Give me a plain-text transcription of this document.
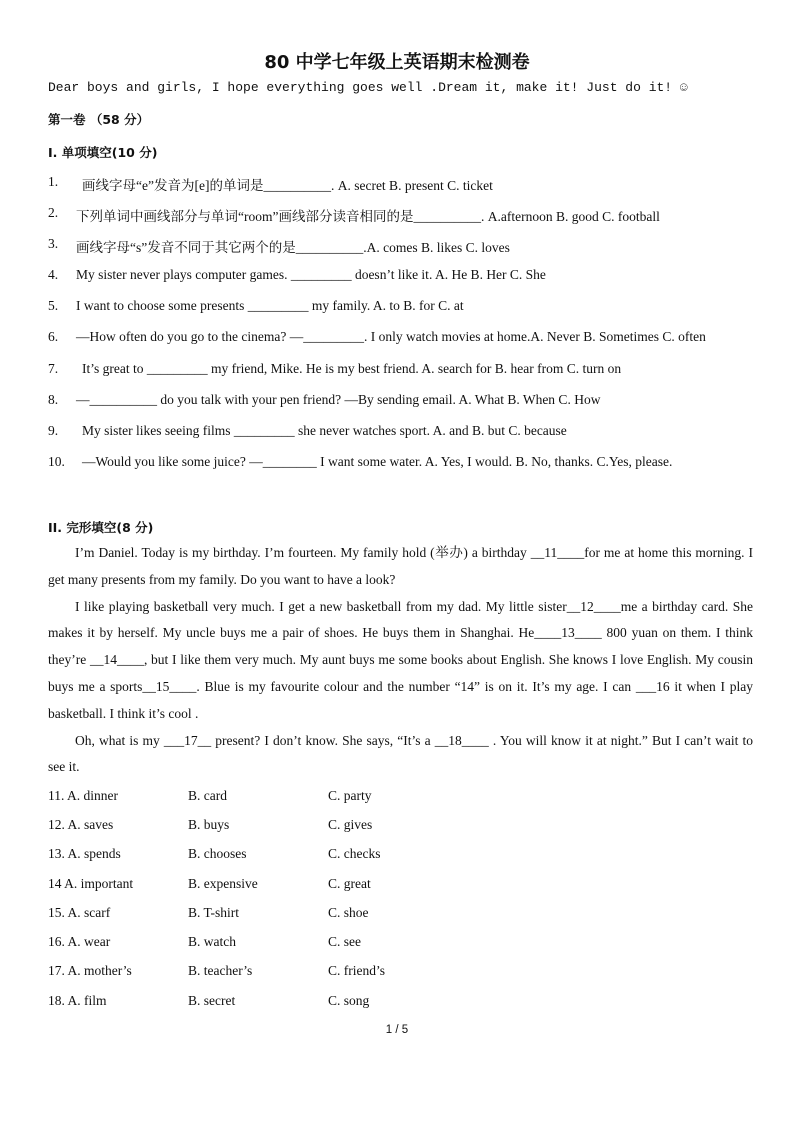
80 中学七年级上英语期末检测卷
Dear boys and girls, I hope everything goes well .Dream it, make it! Just do it! ☺
第一卷 （58 分）
I. 单项填空(10 分)
1. 画线字母“e”发音为[e]的单词是__________. A. secret B. present C. ticket
2. 下列单词中画线部分与单词“room”画线部分读音相同的是__________. A.afternoon B. good C. football
3. 画线字母“s”发音不同于其它两个的是__________.A. comes B. likes C. loves
4. My sister never plays computer games. _________ doesn’t like it. A. He B. Her C. She
5. I want to choose some presents _________ my family. A. to B. for C. at
6. —How often do you go to the cinema? —_________. I only watch movies at home.A. Never B. Sometimes C. often
7. It’s great to _________ my friend, Mike. He is my best friend. A. search for B. hear from C. turn on
8. —__________ do you talk with your pen friend? —By sending email. A. What B. When C. How
9. My sister likes seeing films _________ she never watches sport. A. and B. but C. because
10. —Would you like some juice? —________ I want some water. A. Yes, I would. B. No, thanks. C.Yes, please.
II. 完形填空(8 分)

I’m Daniel. Today is my birthday. I’m fourteen. My family hold (举办) a birthday __11____for me at home this morning. I get many presents from my family. Do you want to have a look?

I like playing basketball very much. I get a new basketball from my dad. My little sister__12____me a birthday card. She makes it by herself. My uncle buys me a pair of shoes. He buys them in Shanghai. He____13____ 800 yuan on them. I think they’re __14____, but I like them very much. My aunt buys me some books about English. She knows I love English. My cousin buys me a sports__15____. Blue is my favourite colour and the number “14” is on it. It’s my age. I can ___16 it when I play basketball. I think it’s cool .

Oh, what is my ___17__ present? I don’t know. She says, “It’s a __18____ . You will know it at night.” But I can’t wait to see it.

11. A. dinner	B. card	C. party
12. A. saves	B. buys	C. gives
13. A. spends	B. chooses	C. checks
14 A. important	B. expensive	C. great
15. A. scarf	B. T-shirt	C. shoe
16. A. wear	B. watch	C. see
17. A. mother’s	B. teacher’s	C. friend’s
18. A. film	B. secret	C. song
1 / 5
